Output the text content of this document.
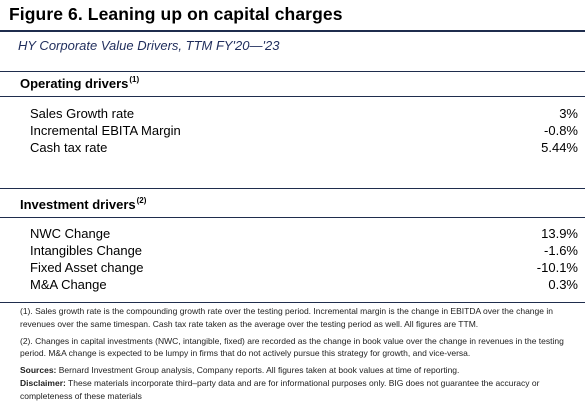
Figure 6. Leaning up on capital charges
HY Corporate Value Drivers, TTM FY'20—'23
Operating drivers$^{(1)}$
Sales Growth rate	3%
Incremental EBITA Margin	-0.8%
Cash tax rate	5.44%
Investment drivers$^{(2)}$
NWC Change	13.9%
Intangibles Change	-1.6%
Fixed Asset change	-10.1%
M&A Change	0.3%

(1). Sales growth rate is the compounding growth rate over the testing period. Incremental margin is the change in EBITDA over the change in revenues over the same timespan. Cash tax rate taken as the average over the testing period as well. All figures are TTM.

(2). Changes in capital investments (NWC, intangible, fixed) are recorded as the change in book value over the change in revenues in the testing period. M&A change is expected to be lumpy in firms that do not actively pursue this strategy for growth, and vice-versa.

Sources: Bernard Investment Group analysis, Company reports. All figures taken at book values at time of reporting.

Disclaimer: These materials incorporate third–party data and are for informational purposes only. BIG does not guarantee the accuracy or completeness of these materials
